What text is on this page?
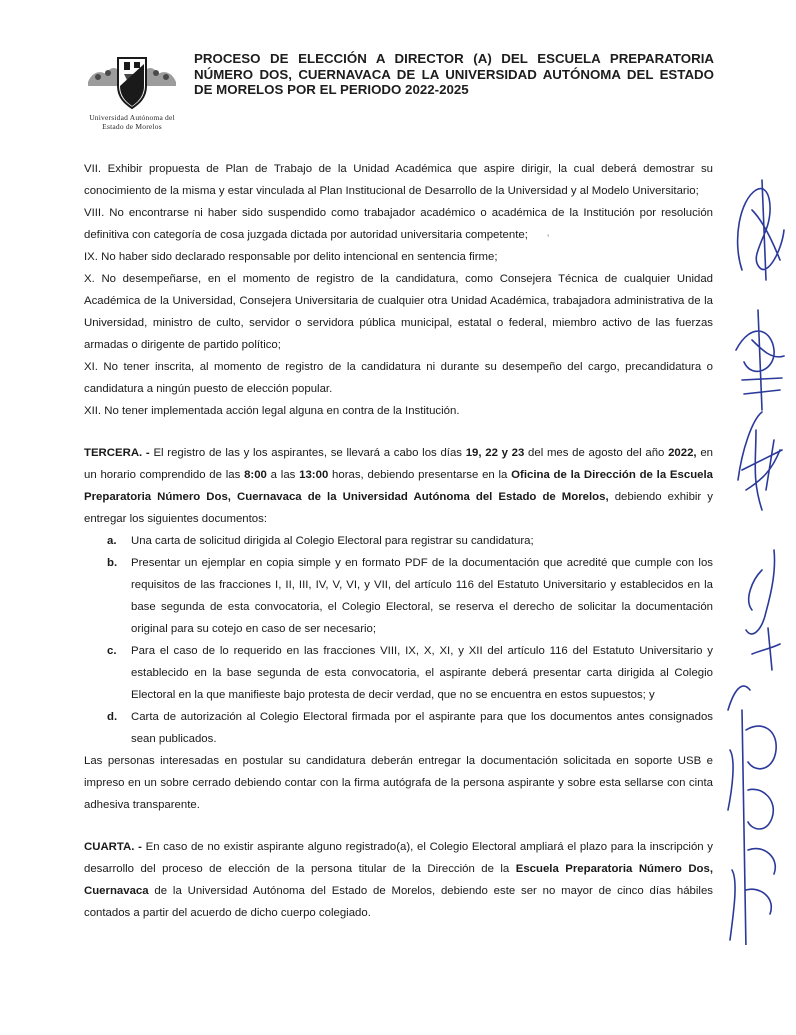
Universidad Autónoma del
Estado de Morelos
PROCESO DE ELECCIÓN A DIRECTOR (A) DEL ESCUELA PREPARATORIA NÚMERO DOS, CUERNAVACA DE LA UNIVERSIDAD AUTÓNOMA DEL ESTADO DE MORELOS POR EL PERIODO 2022-2025

VII. Exhibir propuesta de Plan de Trabajo de la Unidad Académica que aspire dirigir, la cual deberá demostrar su conocimiento de la misma y estar vinculada al Plan Institucional de Desarrollo de la Universidad y al Modelo Universitario;

VIII. No encontrarse ni haber sido suspendido como trabajador académico o académica de la Institución por resolución definitiva con categoría de cosa juzgada dictada por autoridad universitaria competente;

IX. No haber sido declarado responsable por delito intencional en sentencia firme;

X. No desempeñarse, en el momento de registro de la candidatura, como Consejera Técnica de cualquier Unidad Académica de la Universidad, Consejera Universitaria de cualquier otra Unidad Académica, trabajadora administrativa de la Universidad, ministro de culto, servidor o servidora pública municipal, estatal o federal, miembro activo de las fuerzas armadas o dirigente de partido político;

XI. No tener inscrita, al momento de registro de la candidatura ni durante su desempeño del cargo, precandidatura o candidatura a ningún puesto de elección popular.

XII. No tener implementada acción legal alguna en contra de la Institución.

TERCERA. - El registro de las y los aspirantes, se llevará a cabo los días 19, 22 y 23 del mes de agosto del año 2022, en un horario comprendido de las 8:00 a las 13:00 horas, debiendo presentarse en la Oficina de la Dirección de la Escuela Preparatoria Número Dos, Cuernavaca de la Universidad Autónoma del Estado de Morelos, debiendo exhibir y entregar los siguientes documentos:

a. Una carta de solicitud dirigida al Colegio Electoral para registrar su candidatura;
b. Presentar un ejemplar en copia simple y en formato PDF de la documentación que acredité que cumple con los requisitos de las fracciones I, II, III, IV, V, VI, y VII, del artículo 116 del Estatuto Universitario y establecidos en la base segunda de esta convocatoria, el Colegio Electoral, se reserva el derecho de solicitar la documentación original para su cotejo en caso de ser necesario;
c. Para el caso de lo requerido en las fracciones VIII, IX, X, XI, y XII del artículo 116 del Estatuto Universitario y establecido en la base segunda de esta convocatoria, el aspirante deberá presentar carta dirigida al Colegio Electoral en la que manifieste bajo protesta de decir verdad, que no se encuentra en estos supuestos; y
d. Carta de autorización al Colegio Electoral firmada por el aspirante para que los documentos antes consignados sean publicados.

Las personas interesadas en postular su candidatura deberán entregar la documentación solicitada en soporte USB e impreso en un sobre cerrado debiendo contar con la firma autógrafa de la persona aspirante y sobre esta sellarse con cinta adhesiva transparente.

CUARTA. - En caso de no existir aspirante alguno registrado(a), el Colegio Electoral ampliará el plazo para la inscripción y desarrollo del proceso de elección de la persona titular de la Dirección de la Escuela Preparatoria Número Dos, Cuernavaca de la Universidad Autónoma del Estado de Morelos, debiendo este ser no mayor de cinco días hábiles contados a partir del acuerdo de dicho cuerpo colegiado.

ʼ
